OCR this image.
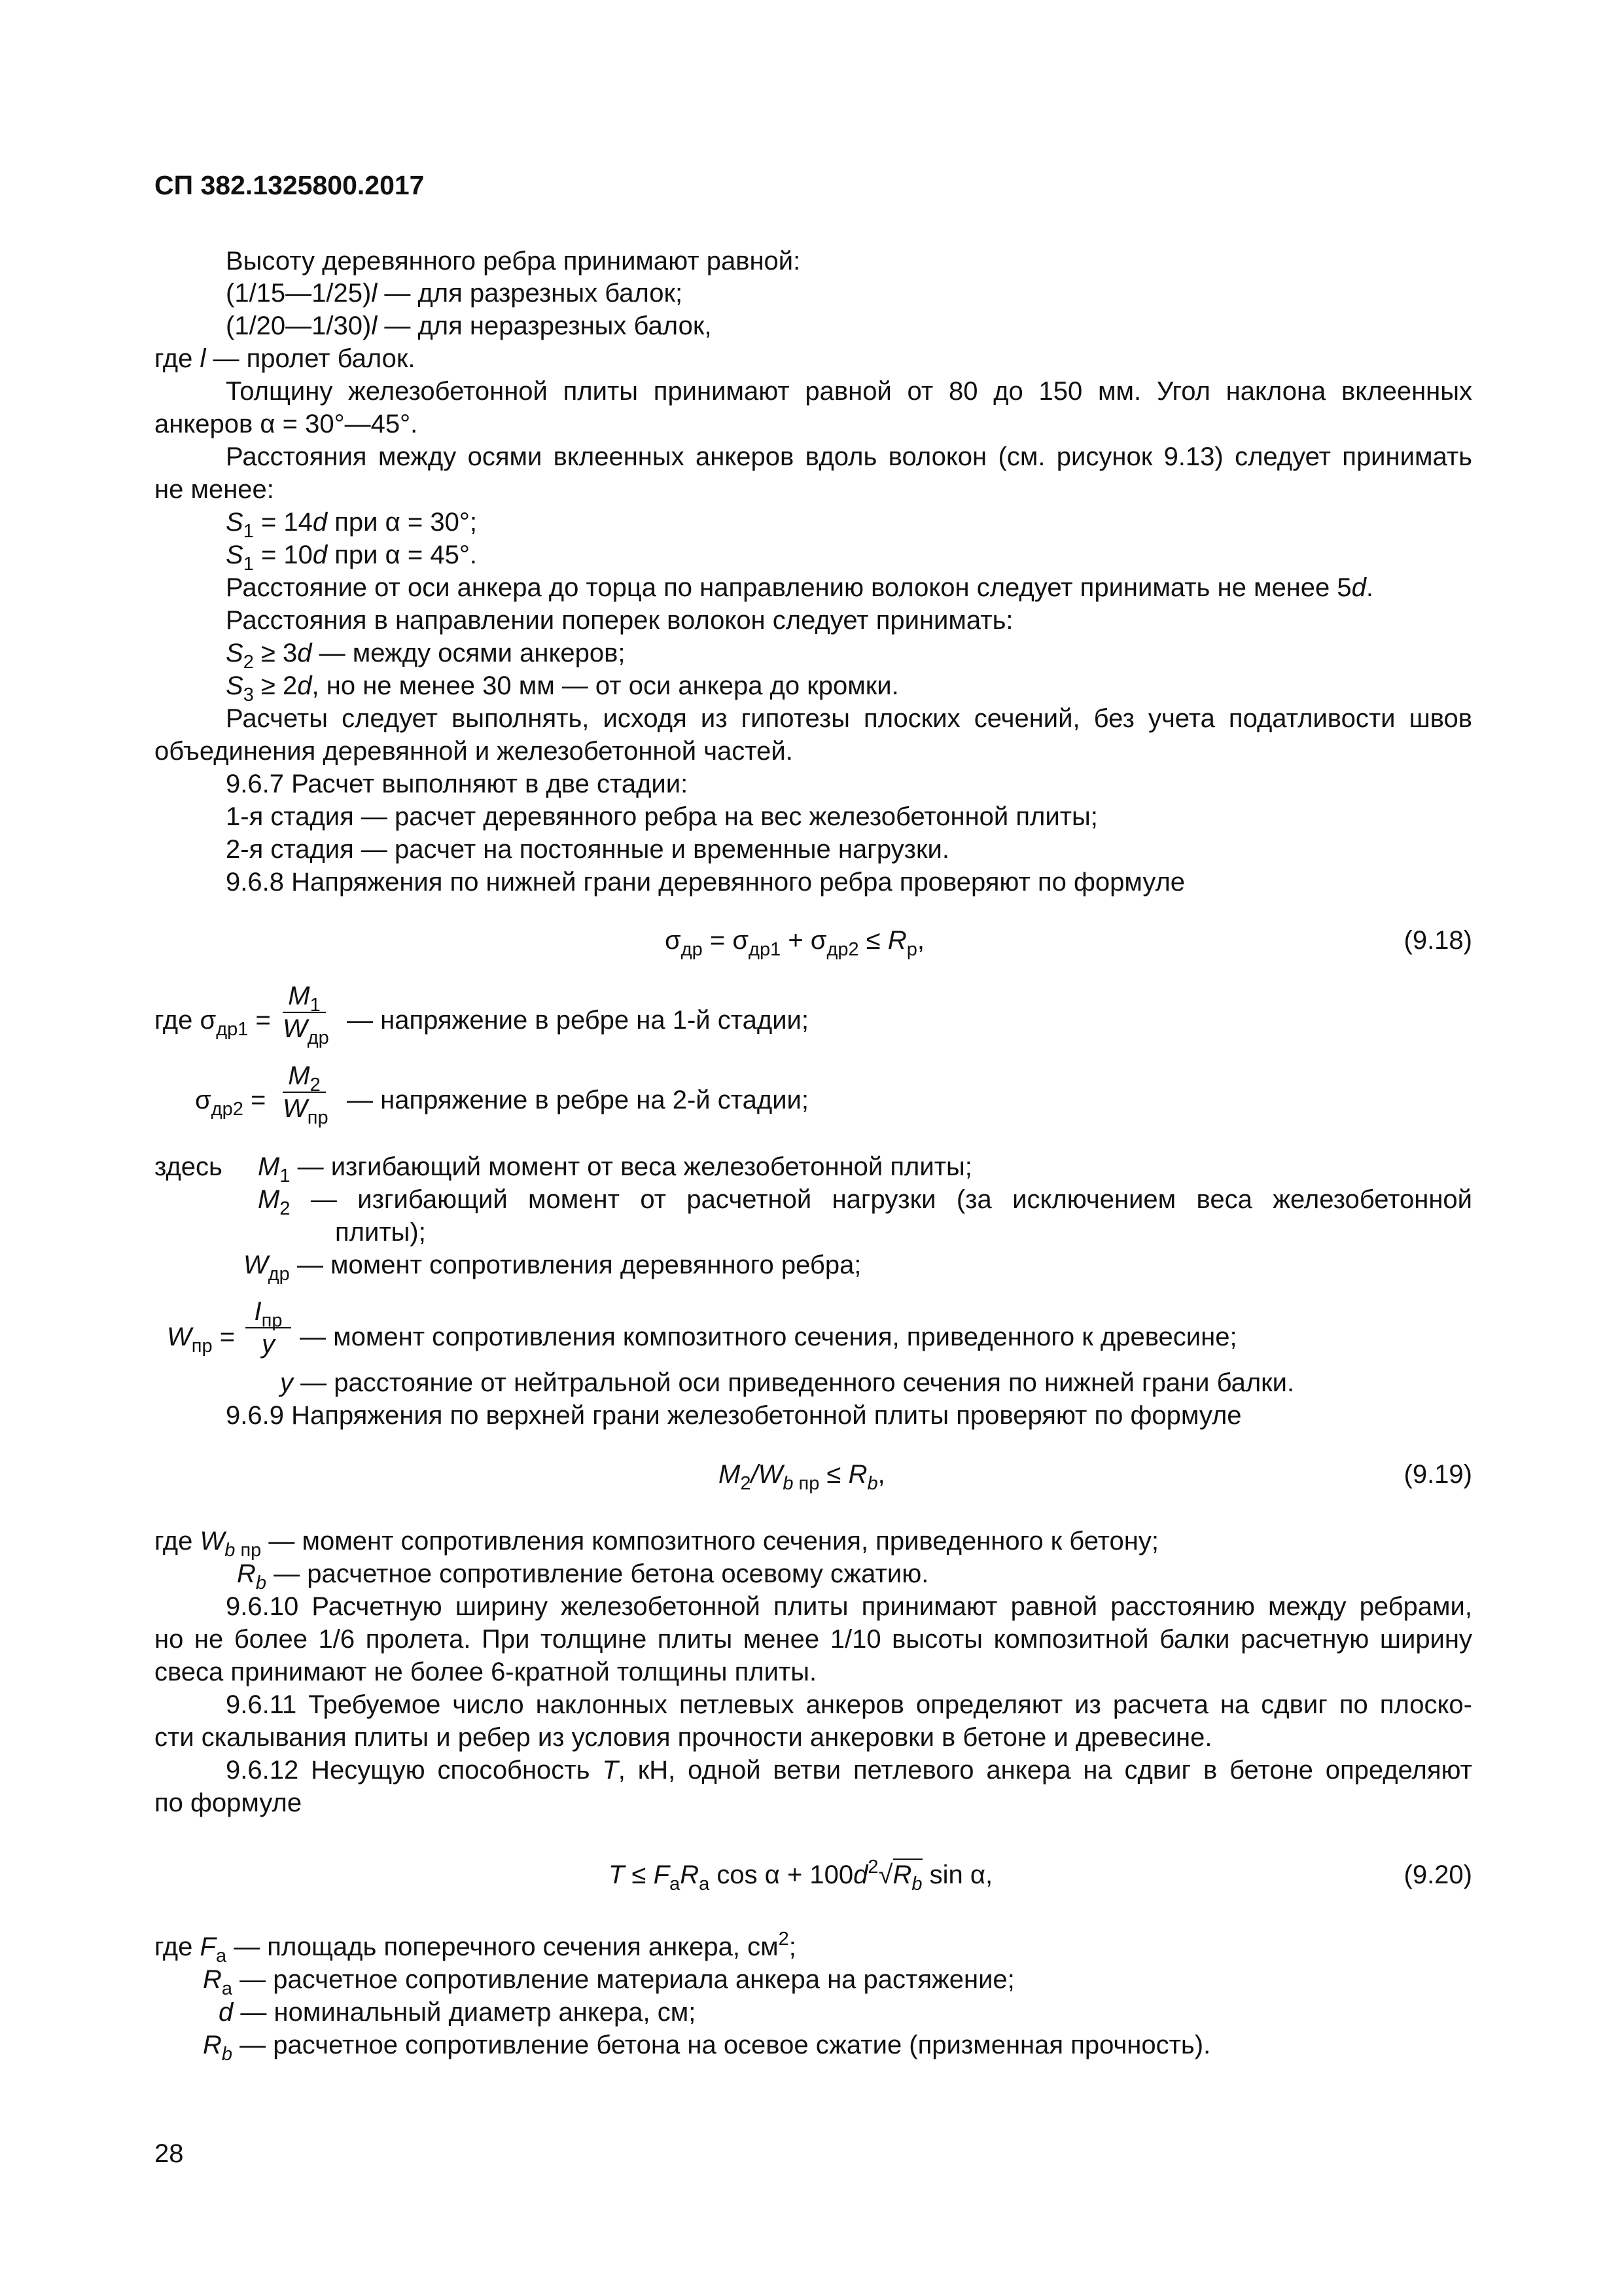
СП 382.1325800.2017
Высоту деревянного ребра принимают равной:
(1/15—1/25)l — для разрезных балок;
(1/20—1/30)l — для неразрезных балок,
где l — пролет балок.
Толщину железобетонной плиты принимают равной от 80 до 150 мм. Угол наклона вклеенных
анкеров α = 30°—45°.
Расстояния между осями вклеенных анкеров вдоль волокон (см. рисунок 9.13) следует принимать
не менее:
$S_1 = 14d$ при α = 30°;
$S_1 = 10d$ при α = 45°.
Расстояние от оси анкера до торца по направлению волокон следует принимать не менее 5d.
Расстояния в направлении поперек волокон следует принимать:
$S_2 \ge 3d$ — между осями анкеров;
$S_3 \ge 2d$, но не менее 30 мм — от оси анкера до кромки.
Расчеты следует выполнять, исходя из гипотезы плоских сечений, без учета податливости швов
объединения деревянной и железобетонной частей.
9.6.7 Расчет выполняют в две стадии:
1-я стадия — расчет деревянного ребра на вес железобетонной плиты;
2-я стадия — расчет на постоянные и временные нагрузки.
9.6.8 Напряжения по нижней грани деревянного ребра проверяют по формуле
$\sigma_{др} = \sigma_{др1} + \sigma_{др2} \le R_р$,	(9.18)
где $\sigma_{др1}$ =
$M_1$
$W_{др}$
— напряжение в ребре на 1-й стадии;
$\sigma_{др2}$ =
$M_2$
$W_{пр}$
— напряжение в ребре на 2-й стадии;
здесь $M_1$ — изгибающий момент от веса железобетонной плиты;
$M_2$ — изгибающий момент от расчетной нагрузки (за исключением веса железобетонной
плиты);
$W_{др}$ — момент сопротивления деревянного ребра;
$W_{пр}$ =
$I_{пр}$
y — момент сопротивления композитного сечения, приведенного к древесине;
y — расстояние от нейтральной оси приведенного сечения по нижней грани балки.
9.6.9 Напряжения по верхней грани железобетонной плиты проверяют по формуле
$M_2/W_{b пр} \le R_b$,	(9.19)
где $W_{b пр}$ — момент сопротивления композитного сечения, приведенного к бетону;
$R_b$ — расчетное сопротивление бетона осевому сжатию.
9.6.10 Расчетную ширину железобетонной плиты принимают равной расстоянию между ребрами,
но не более 1/6 пролета. При толщине плиты менее 1/10 высоты композитной балки расчетную ширину
свеса принимают не более 6-кратной толщины плиты.
9.6.11 Требуемое число наклонных петлевых анкеров определяют из расчета на сдвиг по плоско-
сти скалывания плиты и ребер из условия прочности анкеровки в бетоне и древесине.
9.6.12 Несущую способность T, кН, одной ветви петлевого анкера на сдвиг в бетоне определяют
по формуле
$T \le F_аR_а$ $\cos \alpha + 100d^2√R_b$ sin α,	(9.20)
где $F_а$ — площадь поперечного сечения анкера, $см^2$;
$R_а$ — расчетное сопротивление материала анкера на растяжение;
d — номинальный диаметр анкера, см;
$R_b$ — расчетное сопротивление бетона на осевое сжатие (призменная прочность).
28
